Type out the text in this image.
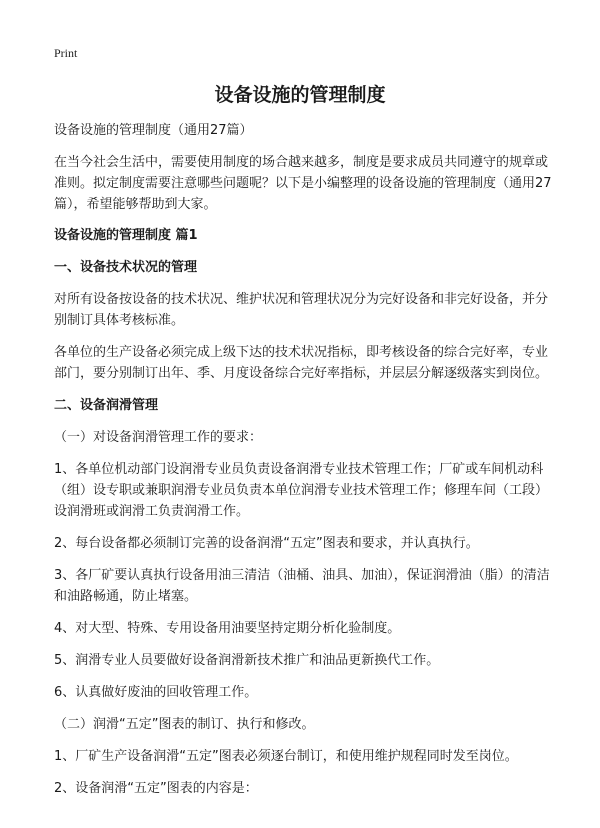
Print
设备设施的管理制度

设备设施的管理制度（通用27篇）

在当今社会生活中，需要使用制度的场合越来越多，制度是要求成员共同遵守的规章或准则。拟定制度需要注意哪些问题呢？以下是小编整理的设备设施的管理制度（通用27篇），希望能够帮助到大家。

设备设施的管理制度 篇1

一、设备技术状况的管理

对所有设备按设备的技术状况、维护状况和管理状况分为完好设备和非完好设备，并分别制订具体考核标准。

各单位的生产设备必须完成上级下达的技术状况指标，即考核设备的综合完好率，专业部门，要分别制订出年、季、月度设备综合完好率指标，并层层分解逐级落实到岗位。

二、设备润滑管理

（一）对设备润滑管理工作的要求：

1、各单位机动部门设润滑专业员负责设备润滑专业技术管理工作；厂矿或车间机动科（组）设专职或兼职润滑专业员负责本单位润滑专业技术管理工作；修理车间（工段）设润滑班或润滑工负责润滑工作。

2、每台设备都必须制订完善的设备润滑“五定”图表和要求，并认真执行。

3、各厂矿要认真执行设备用油三清洁（油桶、油具、加油），保证润滑油（脂）的清洁和油路畅通，防止堵塞。

4、对大型、特殊、专用设备用油要坚持定期分析化验制度。

5、润滑专业人员要做好设备润滑新技术推广和油品更新换代工作。

6、认真做好废油的回收管理工作。

（二）润滑“五定”图表的制订、执行和修改。

1、厂矿生产设备润滑“五定”图表必须逐台制订，和使用维护规程同时发至岗位。

2、设备润滑“五定”图表的内容是：
